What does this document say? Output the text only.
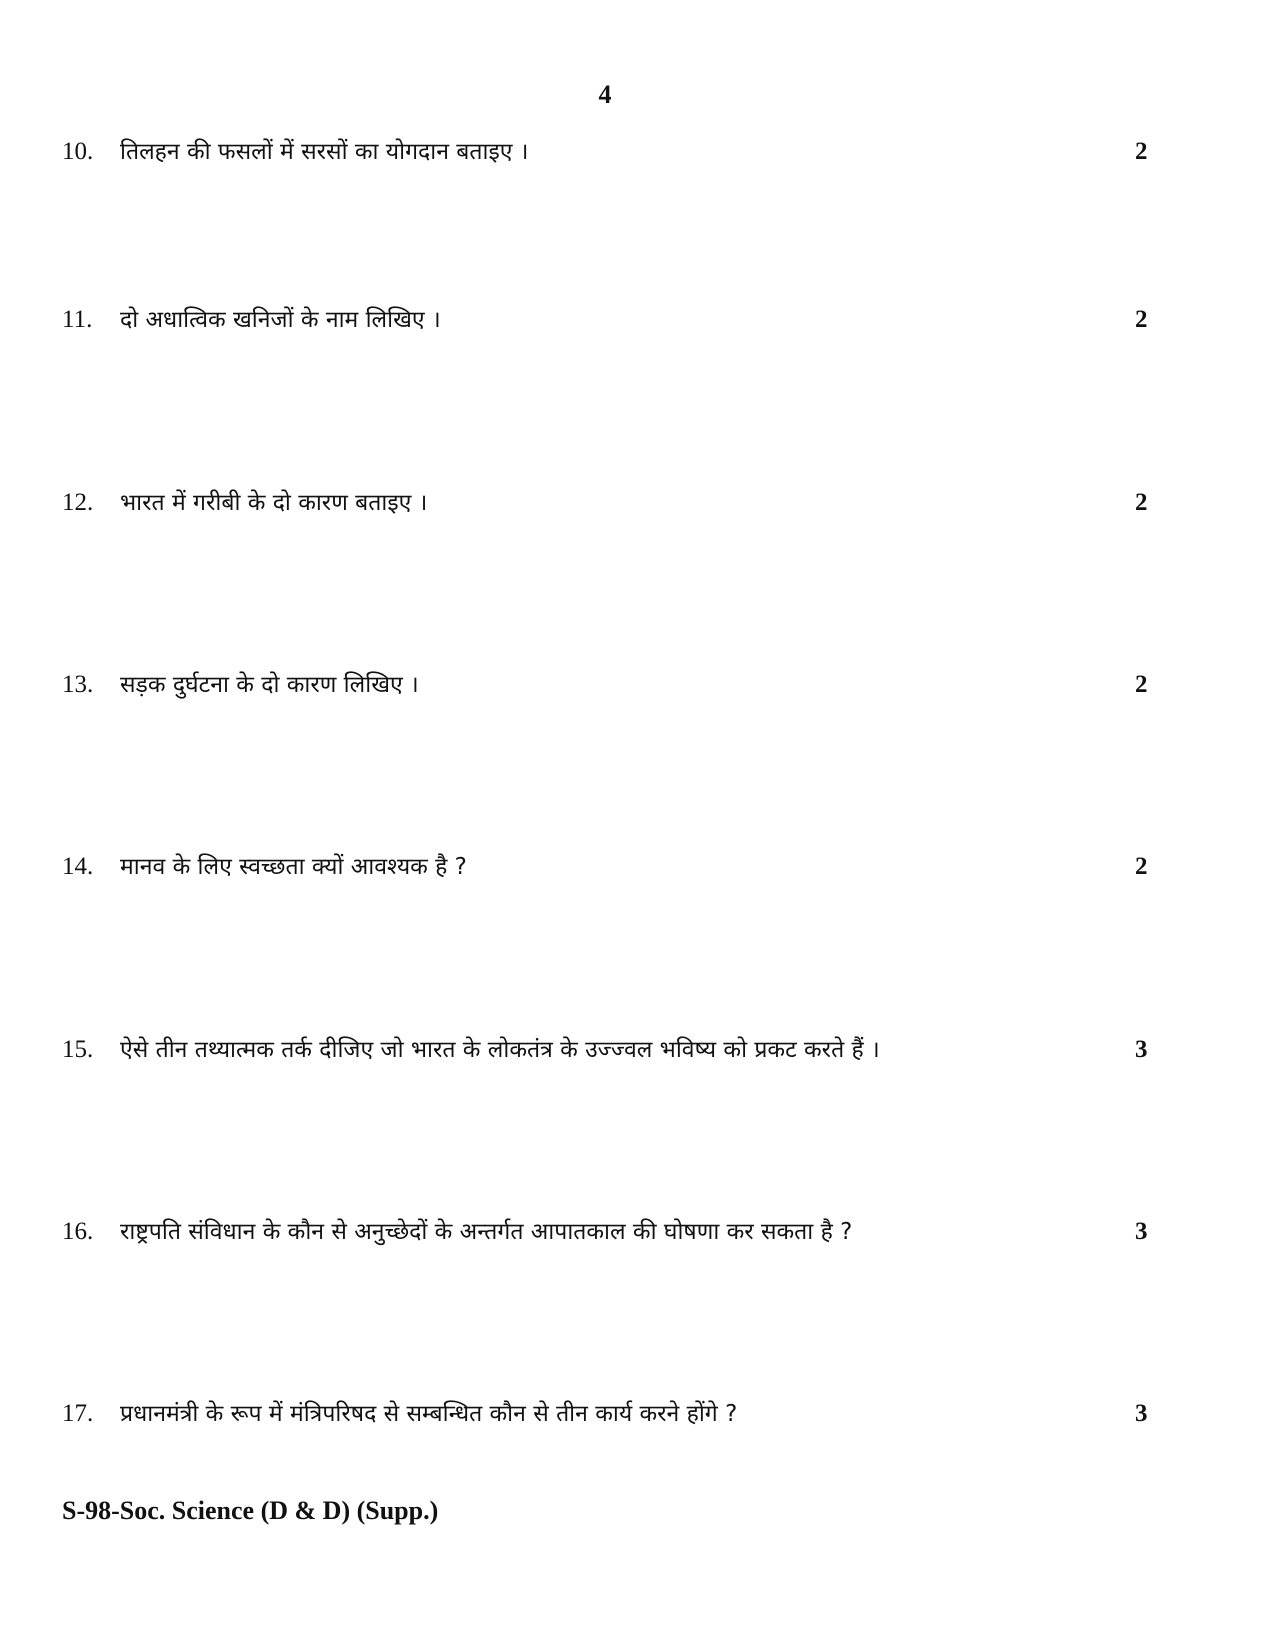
4
10. तिलहन की फसलों में सरसों का योगदान बताइए ।	2
11. दो अधात्विक खनिजों के नाम लिखिए ।	2
12. भारत में गरीबी के दो कारण बताइए ।	2
13. सड़क दुर्घटना के दो कारण लिखिए ।	2
14. मानव के लिए स्वच्छता क्यों आवश्यक है ?	2
15. ऐसे तीन तथ्यात्मक तर्क दीजिए जो भारत के लोकतंत्र के उज्ज्वल भविष्य को प्रकट करते हैं ।	3
16. राष्ट्रपति संविधान के कौन से अनुच्छेदों के अन्तर्गत आपातकाल की घोषणा कर सकता है ?	3
17. प्रधानमंत्री के रूप में मंत्रिपरिषद से सम्बन्धित कौन से तीन कार्य करने होंगे ?	3
S-98-Soc. Science (D & D) (Supp.)
